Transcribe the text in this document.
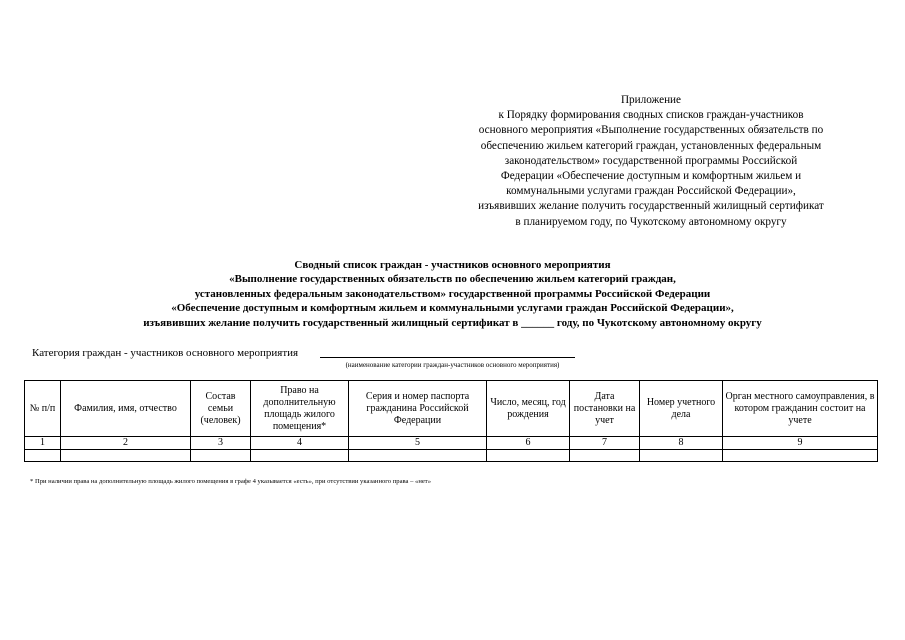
Приложение
к Порядку формирования сводных списков граждан-участников
основного мероприятия «Выполнение государственных обязательств по
обеспечению жильем категорий граждан, установленных федеральным
законодательством» государственной программы Российской
Федерации «Обеспечение доступным и комфортным жильем и
коммунальными услугами граждан Российской Федерации»,
изъявивших желание получить государственный жилищный сертификат
в планируемом году, по Чукотскому автономному округу
Сводный список граждан - участников основного мероприятия
«Выполнение государственных обязательств по обеспечению жильем категорий граждан,
установленных федеральным законодательством» государственной программы Российской Федерации
«Обеспечение доступным и комфортным жильем и коммунальными услугами граждан Российской Федерации»,
изъявивших желание получить государственный жилищный сертификат в ______ году, по Чукотскому автономному округу
Категория граждан - участников основного мероприятия
(наименование категории граждан-участников основного мероприятия)
№ п/п	Фамилия, имя, отчество	Состав семьи (человек)	Право на дополнительную площадь жилого помещения*	Серия и номер паспорта гражданина Российской Федерации	Число, месяц, год рождения	Дата постановки на учет	Номер учетного дела	Орган местного самоуправления, в котором гражданин состоит на учете
1	2	3	4	5	6	7	8	9

* При наличии права на дополнительную площадь жилого помещения в графе 4 указывается «есть», при отсутствии указанного права – «нет»
